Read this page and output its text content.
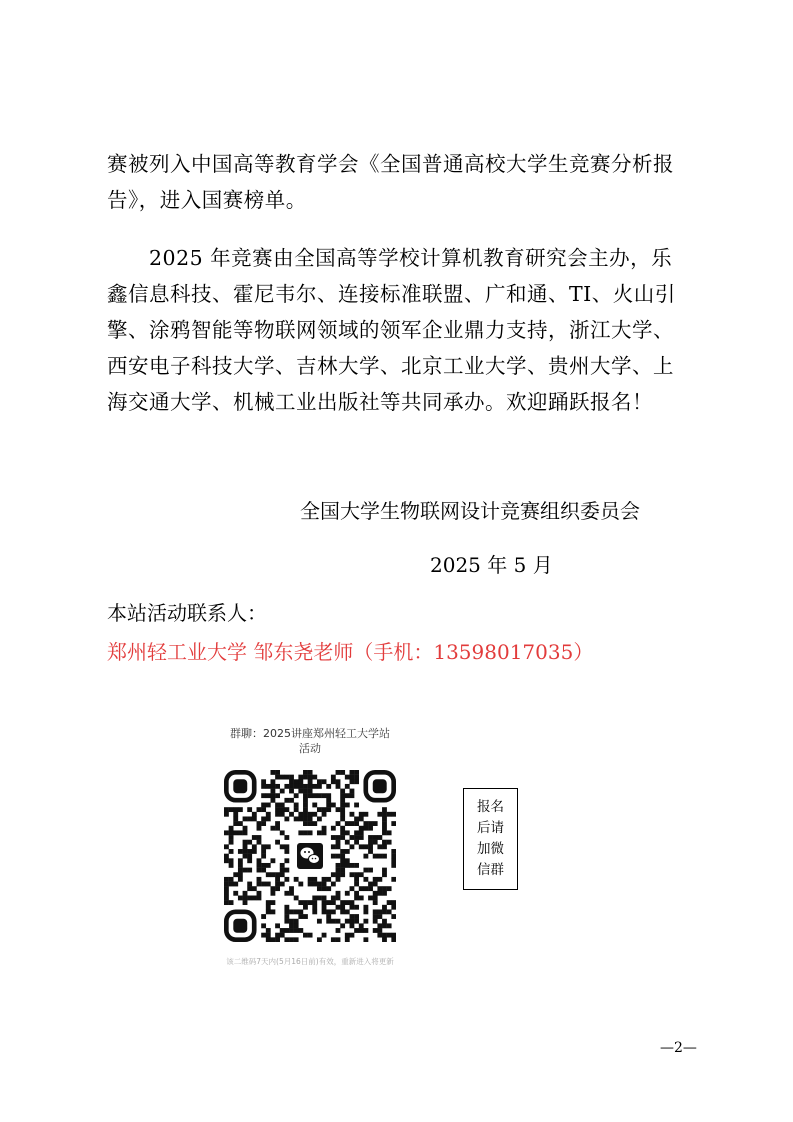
赛被列入中国高等教育学会《全国普通高校大学生竞赛分析报告》，进入国赛榜单。
2025 年竞赛由全国高等学校计算机教育研究会主办，乐鑫信息科技、霍尼韦尔、连接标准联盟、广和通、TI、火山引擎、涂鸦智能等物联网领域的领军企业鼎力支持，浙江大学、西安电子科技大学、吉林大学、北京工业大学、贵州大学、上海交通大学、机械工业出版社等共同承办。欢迎踊跃报名！
全国大学生物联网设计竞赛组织委员会
2025 年 5 月
本站活动联系人：
郑州轻工业大学 邹东尧老师（手机：13598017035）
群聊：2025讲座郑州轻工大学站
活动
该二维码7天内(5月16日前)有效，重新进入将更新
报名
后请
加微
信群
—2—
